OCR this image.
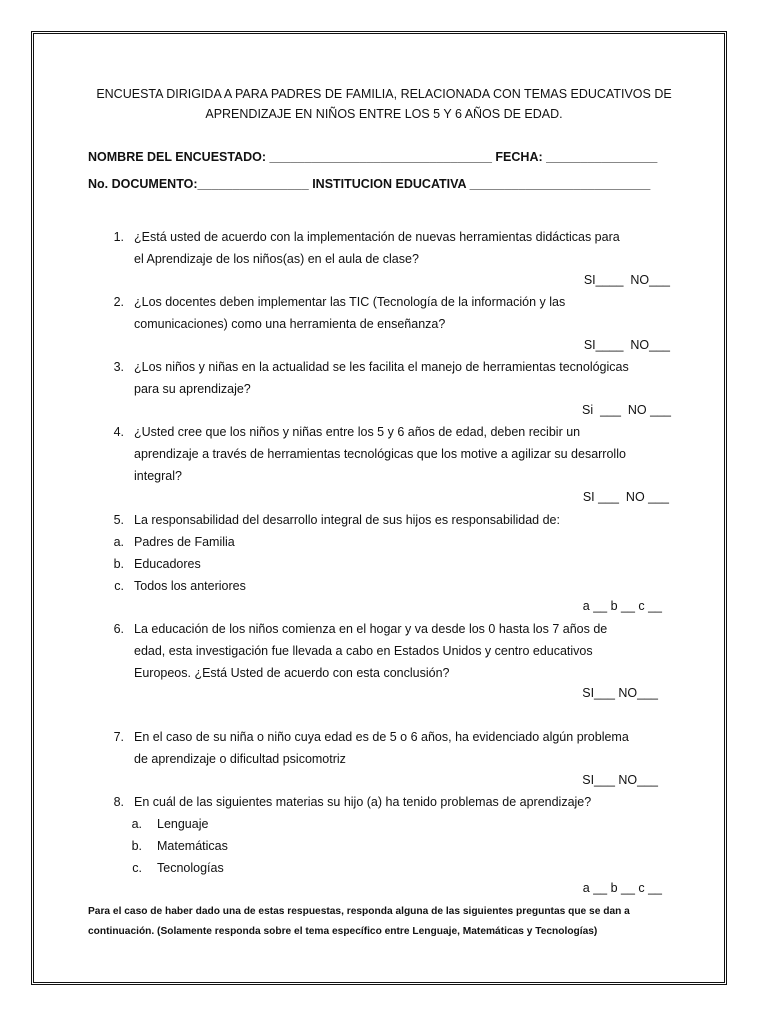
ENCUESTA DIRIGIDA A PARA PADRES DE FAMILIA, RELACIONADA CON TEMAS EDUCATIVOS DE
APRENDIZAJE EN NIÑOS ENTRE LOS 5 Y 6 AÑOS DE EDAD.
NOMBRE DEL ENCUESTADO: ________________________________ FECHA: ________________
No. DOCUMENTO:________________ INSTITUCION EDUCATIVA __________________________
1. ¿Está usted de acuerdo con la implementación de nuevas herramientas didácticas para
el Aprendizaje de los niños(as) en el aula de clase?
SI____  NO___
2. ¿Los docentes deben implementar las TIC (Tecnología de la información y las
comunicaciones) como una herramienta de enseñanza?
SI____  NO___
3. ¿Los niños y niñas en la actualidad se les facilita el manejo de herramientas tecnológicas
para su aprendizaje?
Si  ___  NO ___
4. ¿Usted cree que los niños y niñas entre los 5 y 6 años de edad, deben recibir un
aprendizaje a través de herramientas tecnológicas que los motive a agilizar su desarrollo
integral?
SI ___  NO ___
5. La responsabilidad del desarrollo integral de sus hijos es responsabilidad de:
a. Padres de Familia
b. Educadores
c. Todos los anteriores
a __ b __ c __
6. La educación de los niños comienza en el hogar y va desde los 0 hasta los 7 años de
edad, esta investigación fue llevada a cabo en Estados Unidos y centro educativos
Europeos. ¿Está Usted de acuerdo con esta conclusión?
SI___ NO___
7. En el caso de su niña o niño cuya edad es de 5 o 6 años, ha evidenciado algún problema
de aprendizaje o dificultad psicomotriz
SI___ NO___
8. En cuál de las siguientes materias su hijo (a) ha tenido problemas de aprendizaje?
a. Lenguaje
b. Matemáticas
c. Tecnologías
a __ b __ c __
Para el caso de haber dado una de estas respuestas, responda alguna de las siguientes preguntas que se dan a
continuación. (Solamente responda sobre el tema específico entre Lenguaje, Matemáticas y Tecnologías)
